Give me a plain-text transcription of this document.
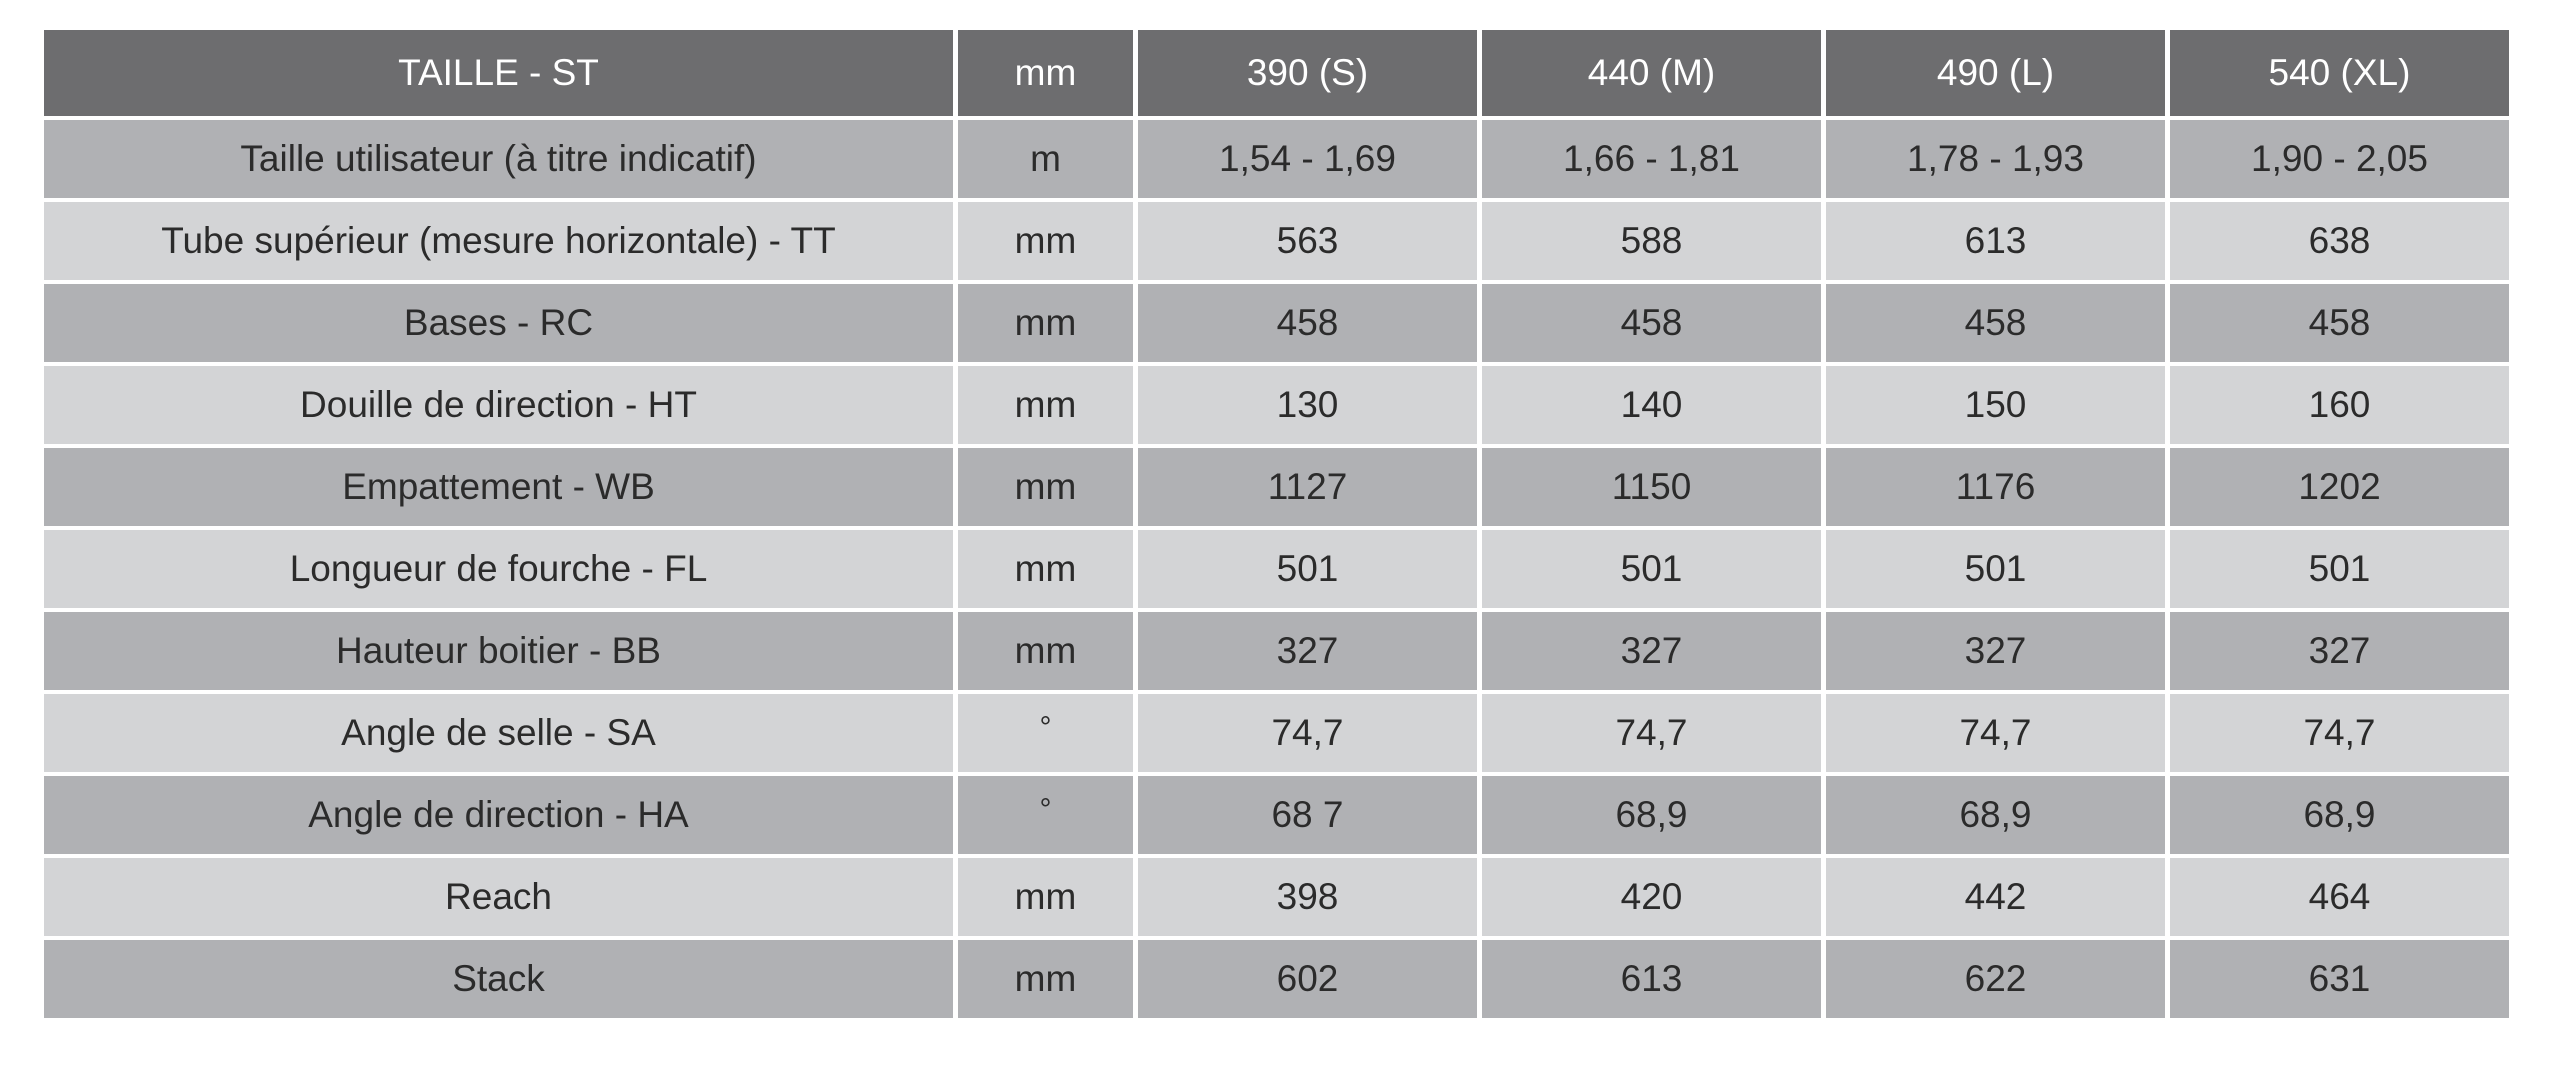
TAILLE - ST	mm	390 (S)	440 (M)	490 (L)	540 (XL)
Taille utilisateur (à titre indicatif)	m	1,54 - 1,69	1,66 - 1,81	1,78 - 1,93	1,90 - 2,05
Tube supérieur (mesure horizontale) - TT	mm	563	588	613	638
Bases - RC	mm	458	458	458	458
Douille de direction - HT	mm	130	140	150	160
Empattement - WB	mm	1127	1150	1176	1202
Longueur de fourche - FL	mm	501	501	501	501
Hauteur boitier - BB	mm	327	327	327	327
Angle de selle - SA	°	74,7	74,7	74,7	74,7
Angle de direction - HA	°	68 7	68,9	68,9	68,9
Reach	mm	398	420	442	464
Stack	mm	602	613	622	631
